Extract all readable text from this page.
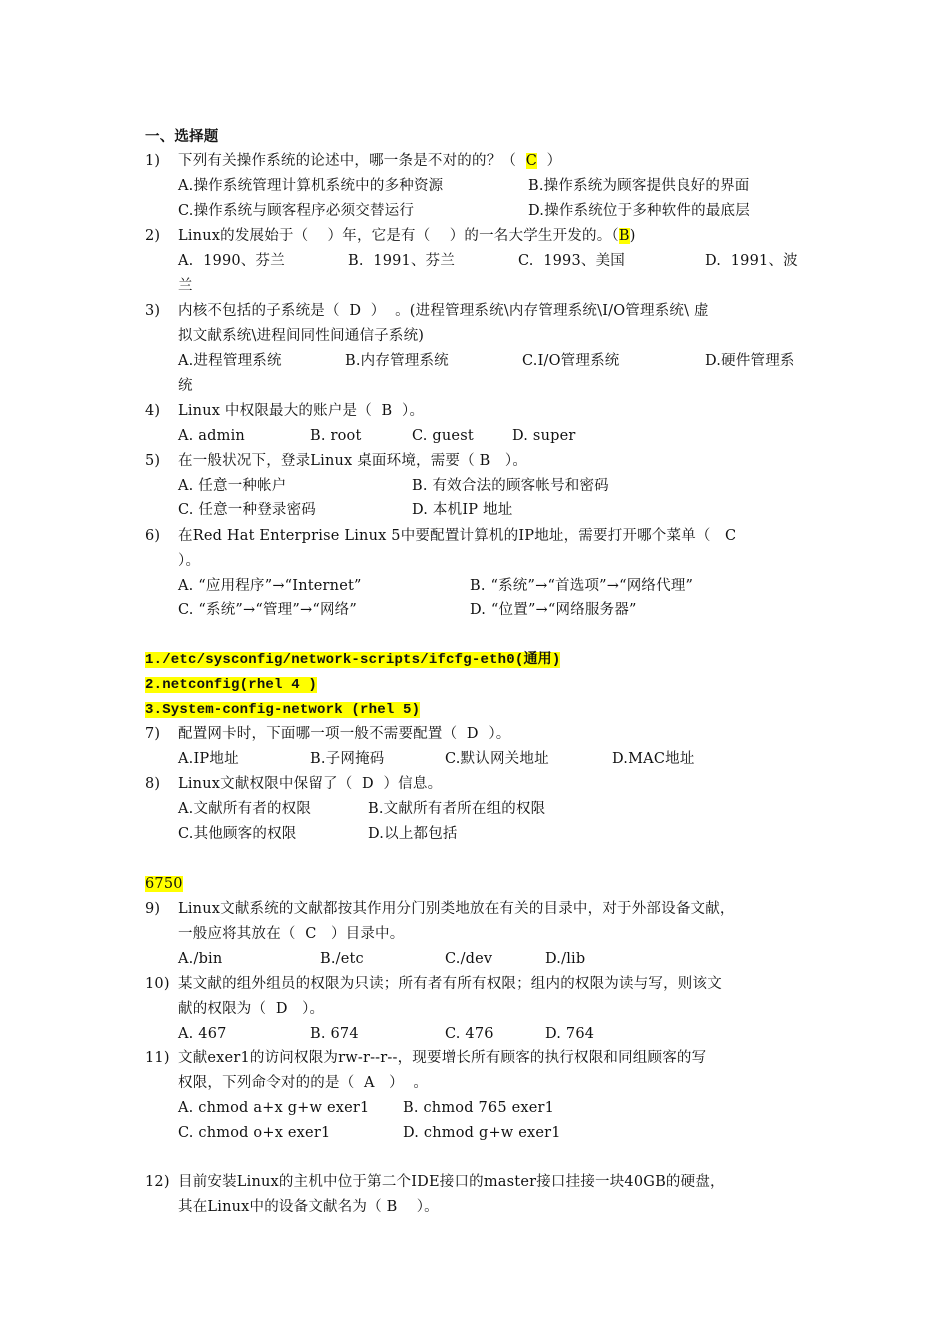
一、选择题
1) 下列有关操作系统的论述中，哪一条是不对的的？（  C  ）
A.操作系统管理计算机系统中的多种资源	B.操作系统为顾客提供良好的界面
C.操作系统与顾客程序必须交替运行	D.操作系统位于多种软件的最底层
2) Linux的发展始于（    ）年，它是有（    ）的一名大学生开发的。（B)
A.  1990、芬兰	B.  1991、芬兰	C.  1993、美国	D.  1991、波
兰
3) 内核不包括的子系统是（  D  ）  。(进程管理系统\内存管理系统\I/O管理系统\ 虚
拟文献系统\进程间同性间通信子系统)
A.进程管理系统	B.内存管理系统	C.I/O管理系统	D.硬件管理系
统
4) Linux 中权限最大的账户是（  B  ）。
A. admin	B. root	C. guest	D. super
5) 在一般状况下，登录Linux 桌面环境，需要（ B   ）。
A. 任意一种帐户	B. 有效合法的顾客帐号和密码
C. 任意一种登录密码	D. 本机IP 地址
6) 在Red Hat Enterprise Linux 5中要配置计算机的IP地址，需要打开哪个菜单（   C
）。
A. “应用程序”→“Internet”	B. “系统”→“首选项”→“网络代理”
C. “系统”→“管理”→“网络”	D. “位置”→“网络服务器”
1./etc/sysconfig/network-scripts/ifcfg-eth0(通用)
2.netconfig(rhel 4 )
3.System-config-network (rhel 5)
7) 配置网卡时，下面哪一项一般不需要配置（  D  ）。
A.IP地址	B.子网掩码	C.默认网关地址	D.MAC地址
8) Linux文献权限中保留了（  D  ）信息。
A.文献所有者的权限	B.文献所有者所在组的权限
C.其他顾客的权限	D.以上都包括
6750
9) Linux文献系统的文献都按其作用分门别类地放在有关的目录中，对于外部设备文献，
一般应将其放在（  C   ）目录中。
A./bin	B./etc	C./dev	D./lib
10) 某文献的组外组员的权限为只读；所有者有所有权限；组内的权限为读与写，则该文
献的权限为（  D   ）。
A. 467	B. 674	C. 476	D. 764
11) 文献exer1的访问权限为rw-r--r--，现要增长所有顾客的执行权限和同组顾客的写
权限，下列命令对的的是（  A   ）  。
A. chmod a+x g+w exer1 B. chmod 765 exer1
C. chmod o+x exer1	D. chmod g+w exer1
12) 目前安装Linux的主机中位于第二个IDE接口的master接口挂接一块40GB的硬盘，
其在Linux中的设备文献名为（ B    ）。
